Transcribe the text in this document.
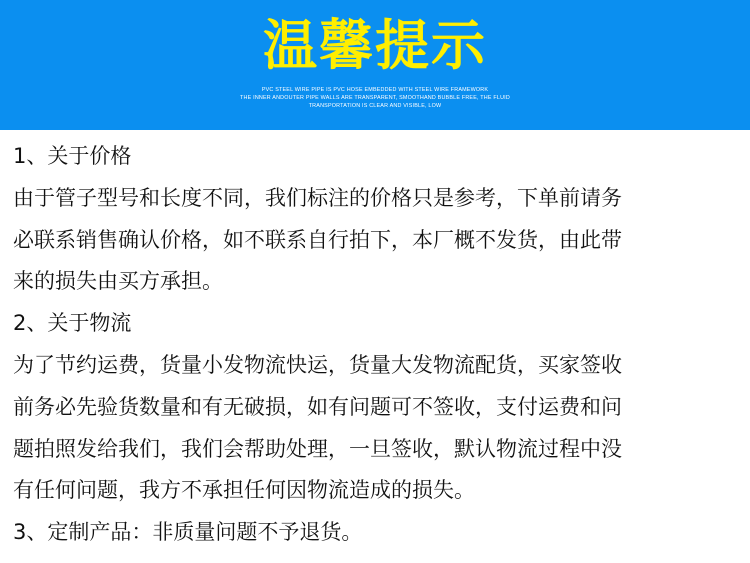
温馨提示
PVC STEEL WIRE PIPE IS PVC HOSE EMBEDDED WITH STEEL WIRE FRAMEWORK
THE INNER ANDOUTER PIPE WALLS ARE TRANSPARENT, SMOOTHAND BUBBLE FREE, THE FLUID
TRANSPORTATION IS CLEAR AND VISIBLE, LOW
1、关于价格
由于管子型号和长度不同，我们标注的价格只是参考，下单前请务
必联系销售确认价格，如不联系自行拍下，本厂概不发货，由此带
来的损失由买方承担。
2、关于物流
为了节约运费，货量小发物流快运，货量大发物流配货，买家签收
前务必先验货数量和有无破损，如有问题可不签收，支付运费和问
题拍照发给我们，我们会帮助处理，一旦签收，默认物流过程中没
有任何问题，我方不承担任何因物流造成的损失。
3、定制产品：非质量问题不予退货。
